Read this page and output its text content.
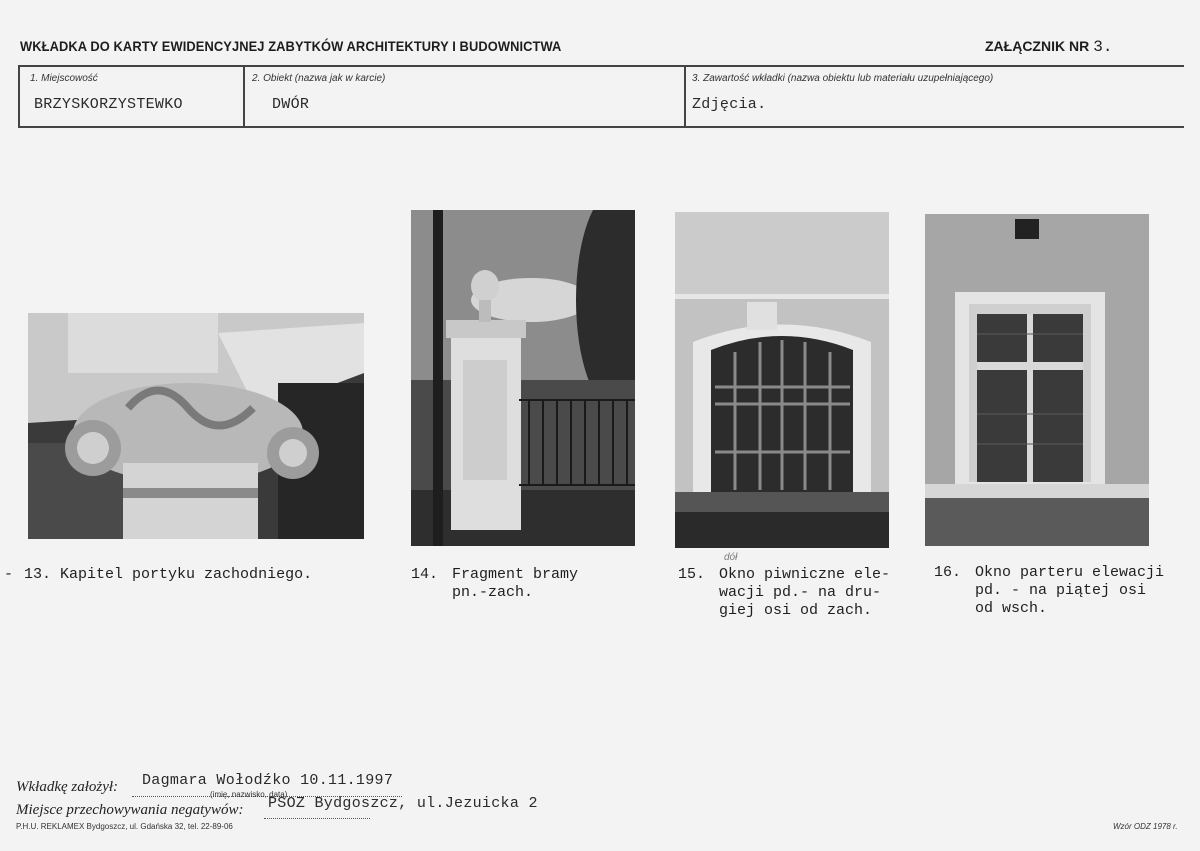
WKŁADKA DO KARTY EWIDENCYJNEJ ZABYTKÓW ARCHITEKTURY I BUDOWNICTWA	ZAŁĄCZNIK NR 3.
1. Miejscowość
BRZYSKORZYSTEWKO
2. Obiekt (nazwa jak w karcie)
DWÓR
3. Zawartość wkładki (nazwa obiektu lub materiału uzupełniającego)
Zdjęcia.
- 13. Kapitel portyku zachodniego.	14. Fragment bramy
pn.-zach.
dół
15. Okno piwniczne ele-
wacji pd.- na dru-
giej osi od zach.
16. Okno parteru elewacji
pd. - na piątej osi
od wsch.
Wkładkę założył: Dagmara Wołodźko 10.11.1997
(imię, nazwisko, data)
Miejsce przechowywania negatywów: PSOZ Bydgoszcz, ul.Jezuicka 2
P.H.U. REKLAMEX Bydgoszcz, ul. Gdańska 32, tel. 22-89-06	Wzór ODZ 1978 r.
